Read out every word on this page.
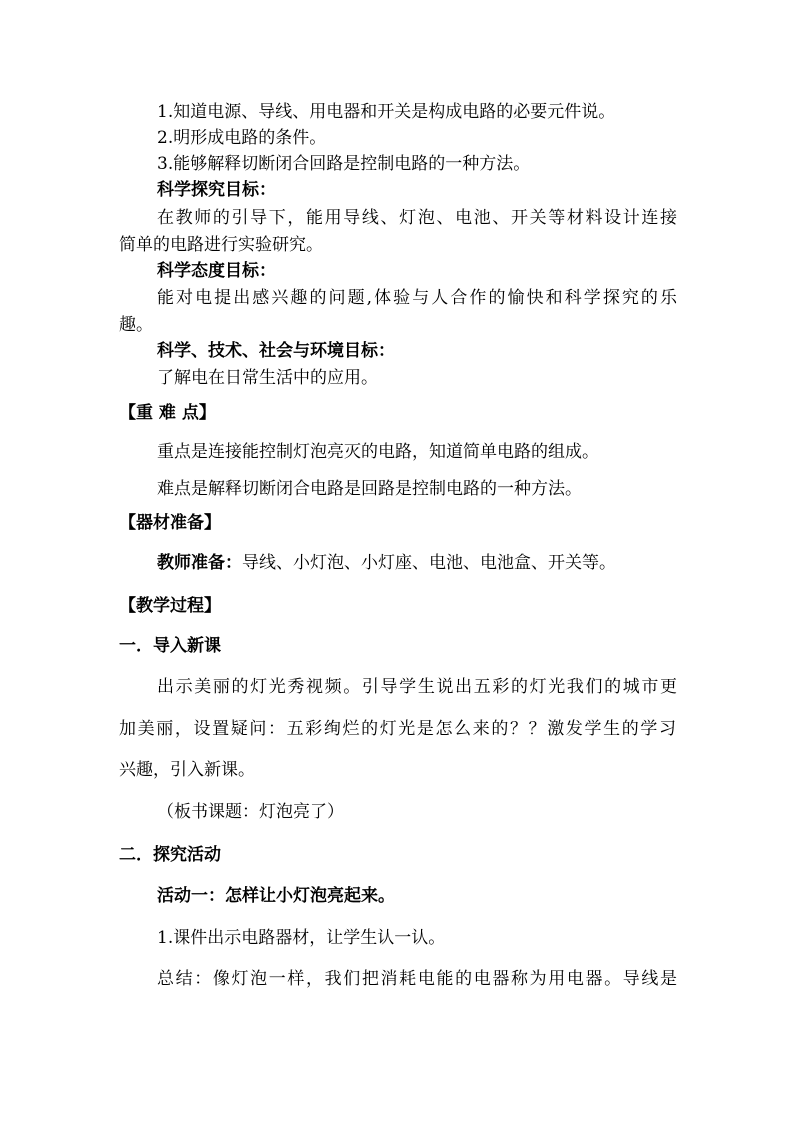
1.知道电源、导线、用电器和开关是构成电路的必要元件说。
2.明形成电路的条件。
3.能够解释切断闭合回路是控制电路的一种方法。
科学探究目标：
在教师的引导下，能用导线、灯泡、电池、开关等材料设计连接
简单的电路进行实验研究。
科学态度目标：
能对电提出感兴趣的问题,体验与人合作的愉快和科学探究的乐
趣。
科学、技术、社会与环境目标：
了解电在日常生活中的应用。
【重 难 点】
重点是连接能控制灯泡亮灭的电路，知道简单电路的组成。
难点是解释切断闭合电路是回路是控制电路的一种方法。
【器材准备】
教师准备：导线、小灯泡、小灯座、电池、电池盒、开关等。
【教学过程】
一．导入新课
出示美丽的灯光秀视频。引导学生说出五彩的灯光我们的城市更
加美丽，设置疑问：五彩绚烂的灯光是怎么来的？？激发学生的学习
兴趣，引入新课。
（板书课题：灯泡亮了）
二．探究活动
活动一：怎样让小灯泡亮起来。
1.课件出示电路器材，让学生认一认。
总结：像灯泡一样，我们把消耗电能的电器称为用电器。导线是
